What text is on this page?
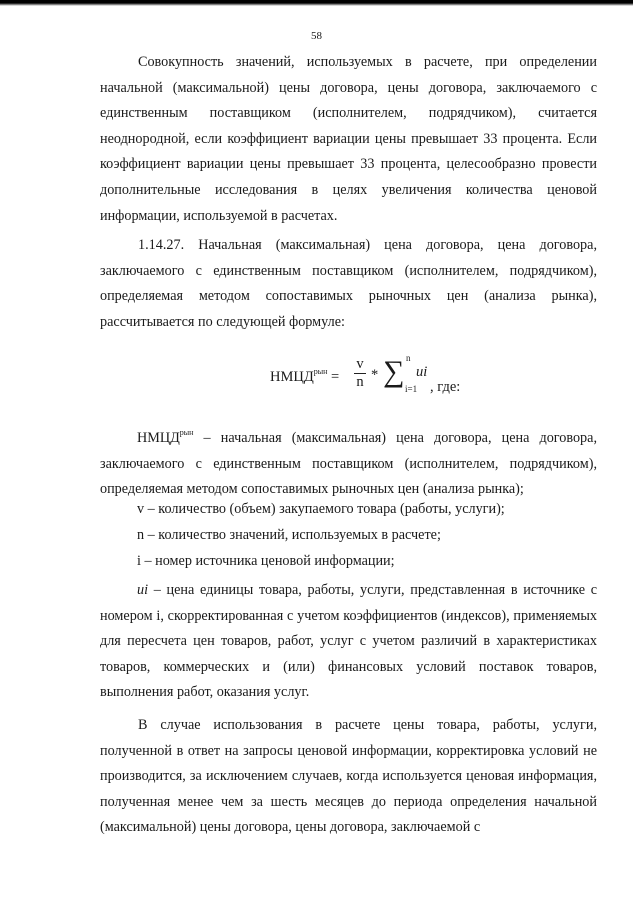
58

Совокупность значений, используемых в расчете, при определении начальной (максимальной) цены договора, цены договора, заключаемого с единственным поставщиком (исполнителем, подрядчиком), считается неоднородной, если коэффициент вариации цены превышает 33 процента. Если коэффициент вариации цены превышает 33 процента, целесообразно провести дополнительные исследования в целях увеличения количества ценовой информации, используемой в расчетах.

1.14.27. Начальная (максимальная) цена договора, цена договора, заключаемого с единственным поставщиком (исполнителем, подрядчиком), определяемая методом сопоставимых рыночных цен (анализа рынка), рассчитывается по следующей формуле:

$НМЦД^{рын}$ =
v
n * ∑ n
i=1
ui
, где:

$НМЦД^{рын}$ – начальная (максимальная) цена договора, цена договора, заключаемого с единственным поставщиком (исполнителем, подрядчиком), определяемая методом сопоставимых рыночных цен (анализа рынка);

v – количество (объем) закупаемого товара (работы, услуги);

n – количество значений, используемых в расчете;

i – номер источника ценовой информации;

ui – цена единицы товара, работы, услуги, представленная в источнике с номером i, скорректированная с учетом коэффициентов (индексов), применяемых для пересчета цен товаров, работ, услуг с учетом различий в характеристиках товаров, коммерческих и (или) финансовых условий поставок товаров, выполнения работ, оказания услуг.

В случае использования в расчете цены товара, работы, услуги, полученной в ответ на запросы ценовой информации, корректировка условий не производится, за исключением случаев, когда используется ценовая информация, полученная менее чем за шесть месяцев до периода определения начальной (максимальной) цены договора, цены договора, заключаемой с
